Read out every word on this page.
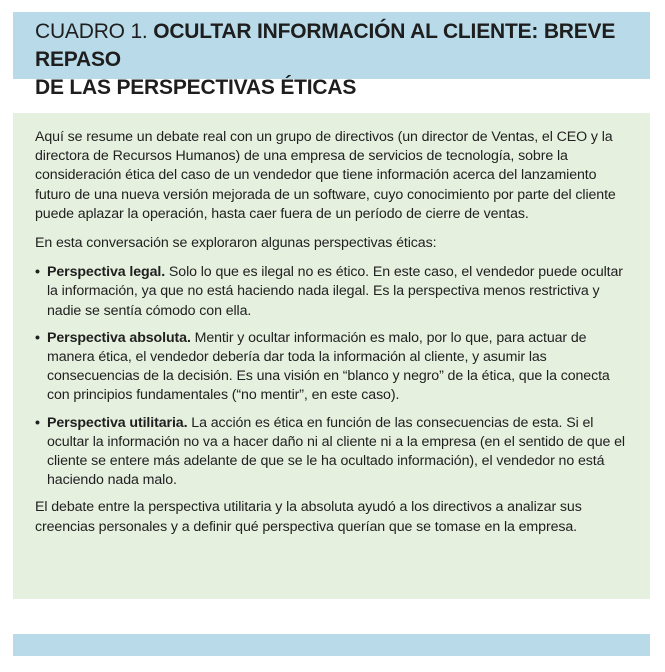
CUADRO 1. OCULTAR INFORMACIÓN AL CLIENTE: BREVE REPASO
DE LAS PERSPECTIVAS ÉTICAS

Aquí se resume un debate real con un grupo de directivos (un director de Ventas, el CEO y la directora de Recursos Humanos) de una empresa de servicios de tecnología, sobre la consideración ética del caso de un vendedor que tiene información acerca del lanzamiento futuro de una nueva versión mejorada de un software, cuyo conocimiento por parte del cliente puede aplazar la operación, hasta caer fuera de un período de cierre de ventas.

En esta conversación se exploraron algunas perspectivas éticas:

• Perspectiva legal. Solo lo que es ilegal no es ético. En este caso, el vendedor puede ocultar la información, ya que no está haciendo nada ilegal. Es la perspectiva menos restrictiva y nadie se sentía cómodo con ella.
• Perspectiva absoluta. Mentir y ocultar información es malo, por lo que, para actuar de manera ética, el vendedor debería dar toda la información al cliente, y asumir las consecuencias de la decisión. Es una visión en “blanco y negro” de la ética, que la conecta con principios fundamentales (“no mentir”, en este caso).
• Perspectiva utilitaria. La acción es ética en función de las consecuencias de esta. Si el ocultar la información no va a hacer daño ni al cliente ni a la empresa (en el sentido de que el cliente se entere más adelante de que se le ha ocultado información), el vendedor no está haciendo nada malo.

El debate entre la perspectiva utilitaria y la absoluta ayudó a los directivos a analizar sus creencias personales y a definir qué perspectiva querían que se tomase en la empresa.
